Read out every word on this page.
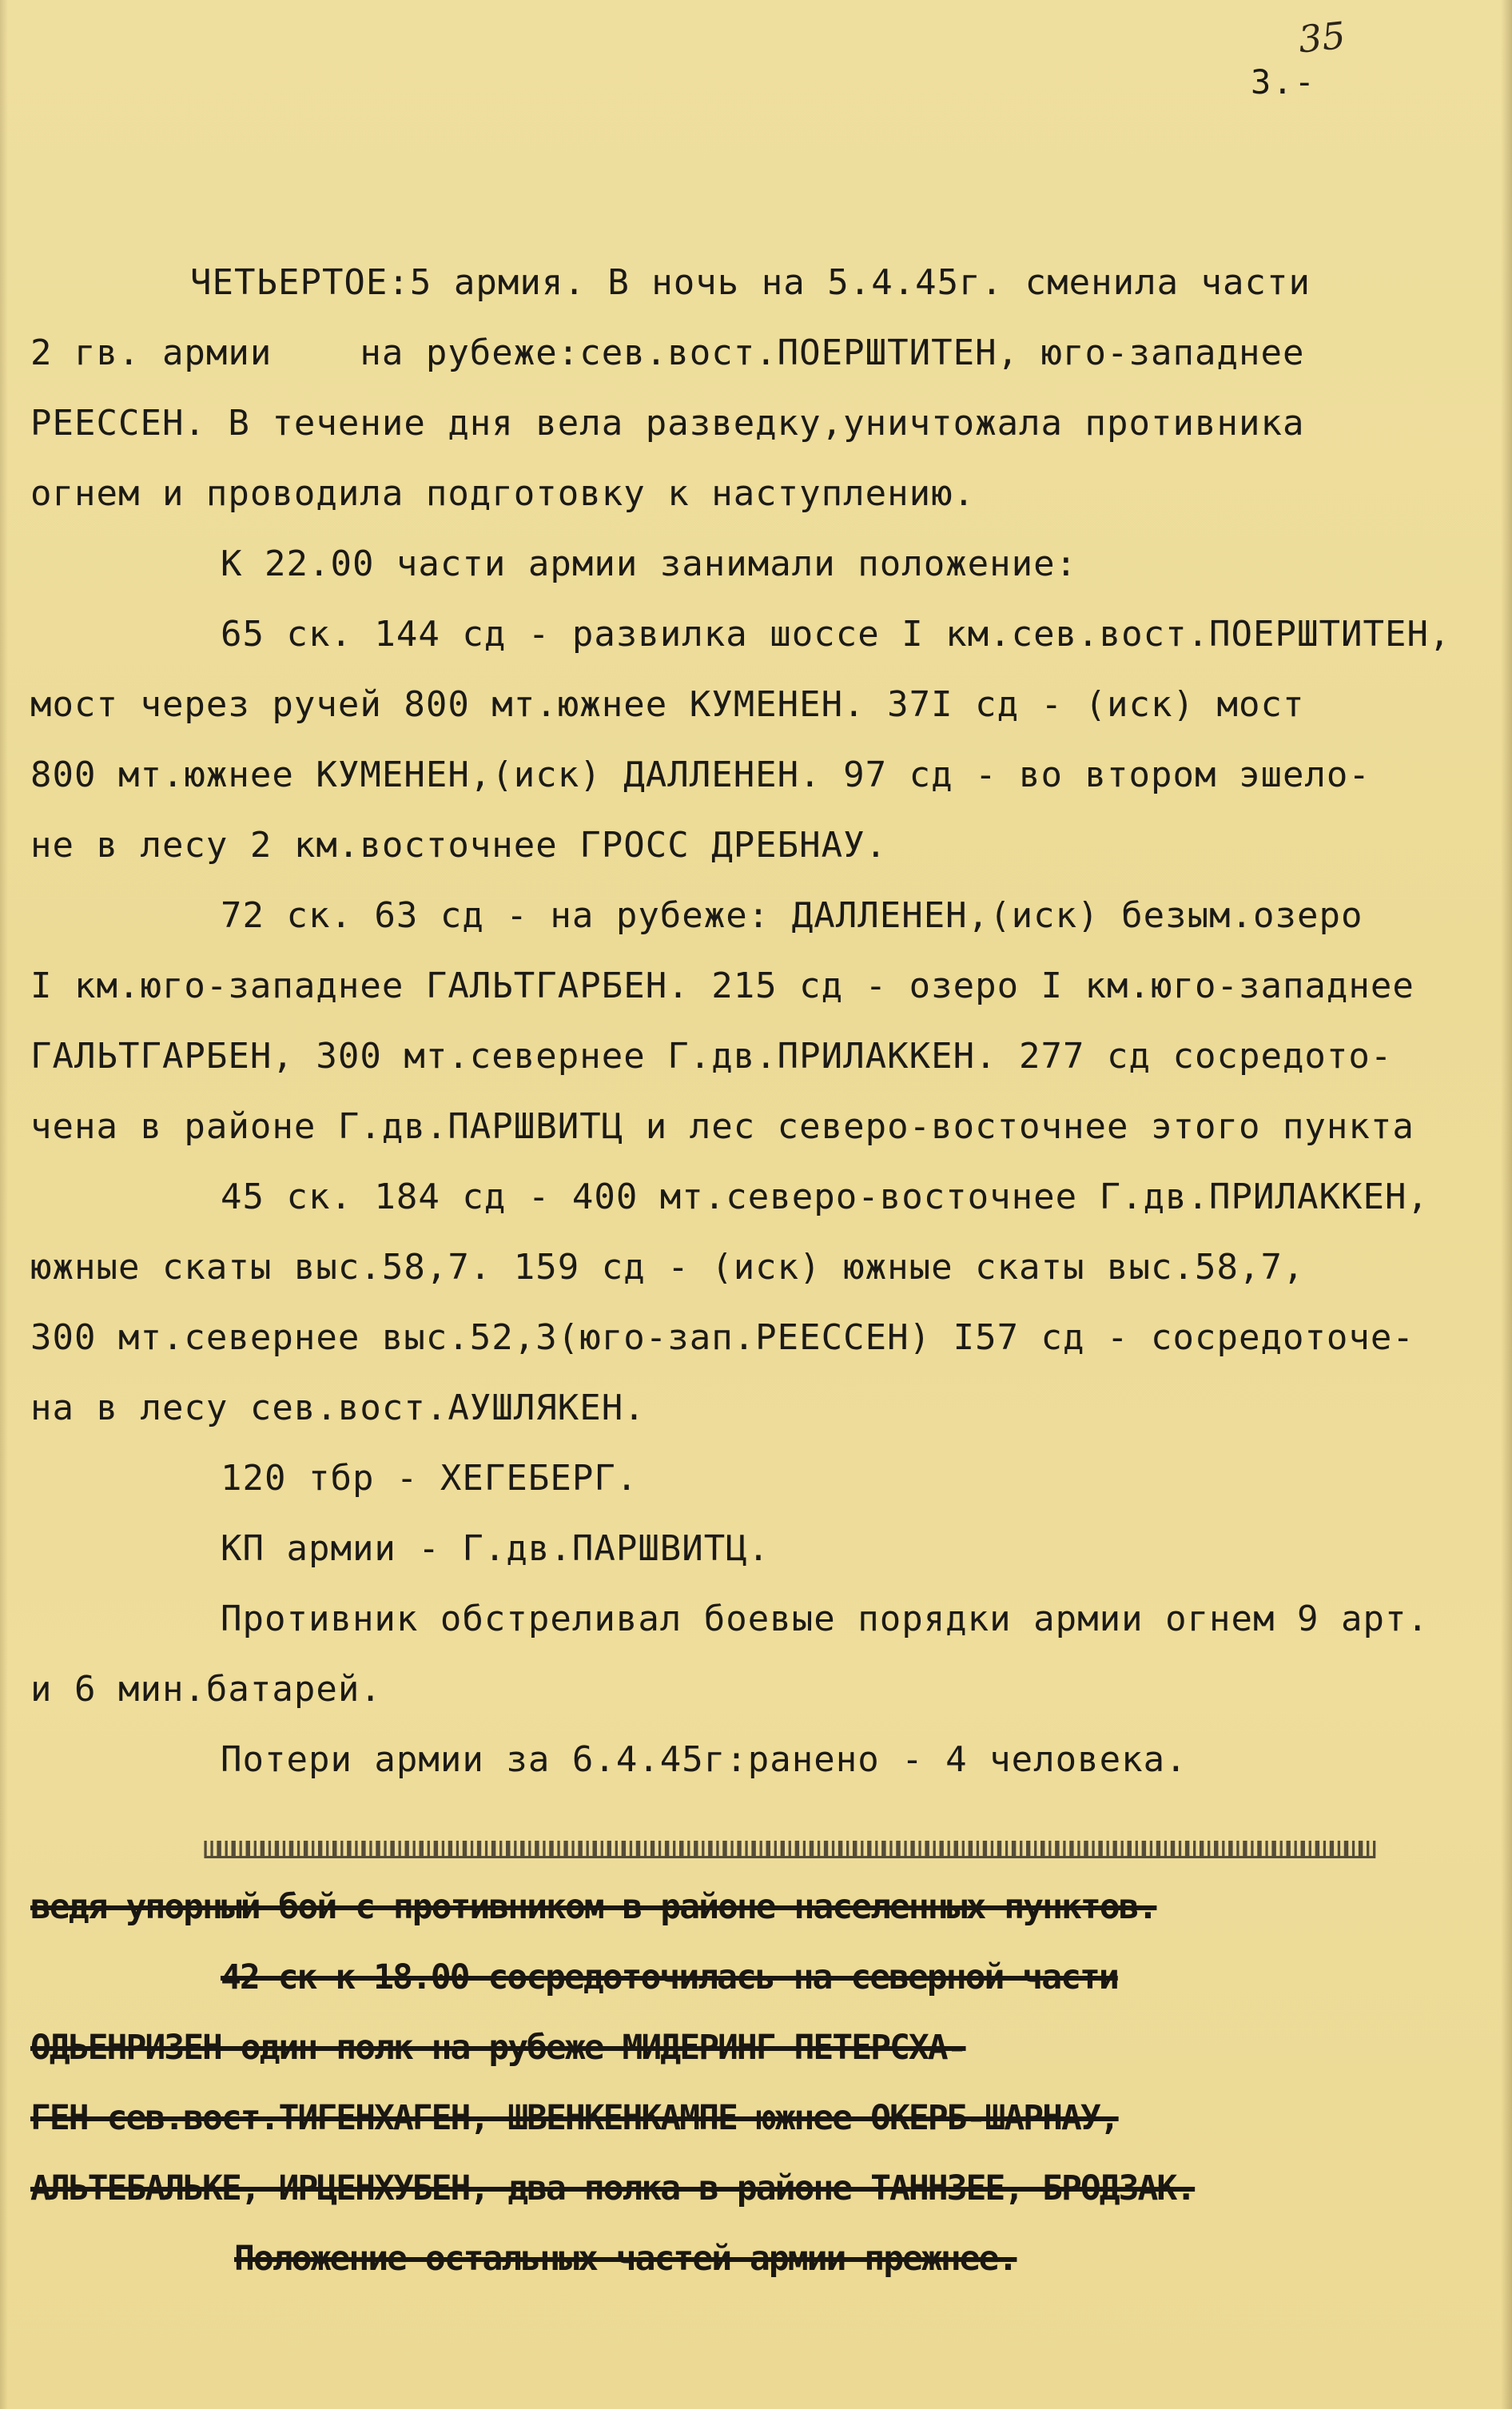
35
3.-
ЧЕТЬЕРТОЕ:5 армия. В ночь на 5.4.45г. сменила части
2 гв. армии    на рубеже:сев.вост.ПОЕРШТИТЕН, юго-западнее
РЕЕССЕН. В течение дня вела разведку,уничтожала противника
огнем и проводила подготовку к наступлению.
К 22.00 части армии занимали положение:
65 ск. 144 сд - развилка шоссе I км.сев.вост.ПОЕРШТИТЕН,
мост через ручей 800 мт.южнее КУМЕНЕН. 37I сд - (иск) мост
800 мт.южнее КУМЕНЕН,(иск) ДАЛЛЕНЕН. 97 сд - во втором эшело-
не в лесу 2 км.восточнее ГРОСС ДРЕБНАУ.
72 ск. 63 сд - на рубеже: ДАЛЛЕНЕН,(иск) безым.озеро
I км.юго-западнее ГАЛЬТГАРБЕН. 215 сд - озеро I км.юго-западнее
ГАЛЬТГАРБЕН, 300 мт.севернее Г.дв.ПРИЛАККЕН. 277 сд сосредото-
чена в районе Г.дв.ПАРШВИТЦ и лес северо-восточнее этого пункта
45 ск. 184 сд - 400 мт.северо-восточнее Г.дв.ПРИЛАККЕН,
южные скаты выс.58,7. 159 сд - (иск) южные скаты выс.58,7,
300 мт.севернее выс.52,3(юго-зап.РЕЕССЕН) I57 сд - сосредоточе-
на в лесу сев.вост.АУШЛЯКЕН.
120 тбр - ХЕГЕБЕРГ.
КП армии - Г.дв.ПАРШВИТЦ.
Противник обстреливал боевые порядки армии огнем 9 арт.
и 6 мин.батарей.
Потери армии за 6.4.45г:ранено - 4 человека.
шшшшшшшшшшшшшшшшшшшшшшшшшшшшшшшшшшшшшшшшшшшшшшшшшшшшшшшшшшшшшшшшшшшшшшшшшшшшшшшшш
ведя упорный бой с противником в районе населенных пунктов.
42 ск к 18.00 сосредоточилась на северной части
ОДЬЕНРИЗЕН один полк на рубеже МИДЕРИНГ ПЕТЕРСХА-
ГЕН сев.вост.ТИГЕНХАГЕН, ШВЕНКЕНКАМПЕ южнее ОКЕРБ-ШАРНАУ,
АЛЬТЕБАЛЬКЕ, ИРЦЕНХУБЕН, два полка в районе ТАННЗЕЕ, БРОДЗАК.
Положение остальных частей армии прежнее.
